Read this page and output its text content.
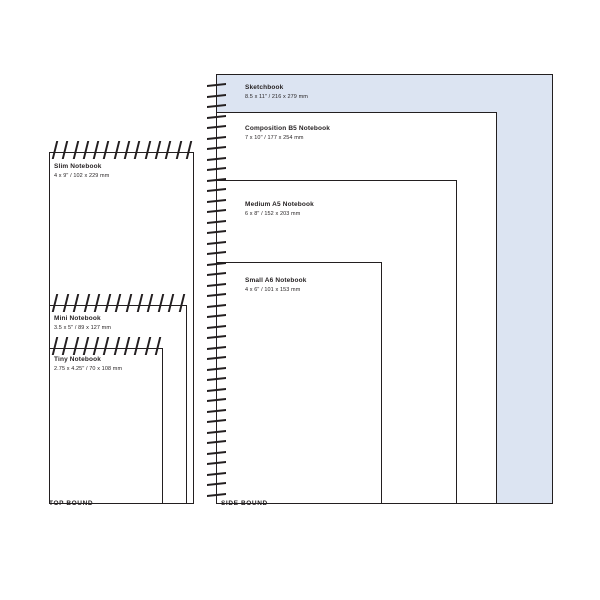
Slim Notebook
4 x 9" / 102 x 229 mm
Mini Notebook
3.5 x 5" / 89 x 127 mm
Tiny Notebook
2.75 x 4.25" / 70 x 108 mm
TOP BOUND
Sketchbook
8.5 x 11" / 216 x 279 mm
Composition B5 Notebook
7 x 10" / 177 x 254 mm
Medium A5 Notebook
6 x 8" / 152 x 203 mm
Small A6 Notebook
4 x 6" / 101 x 153 mm
SIDE BOUND
